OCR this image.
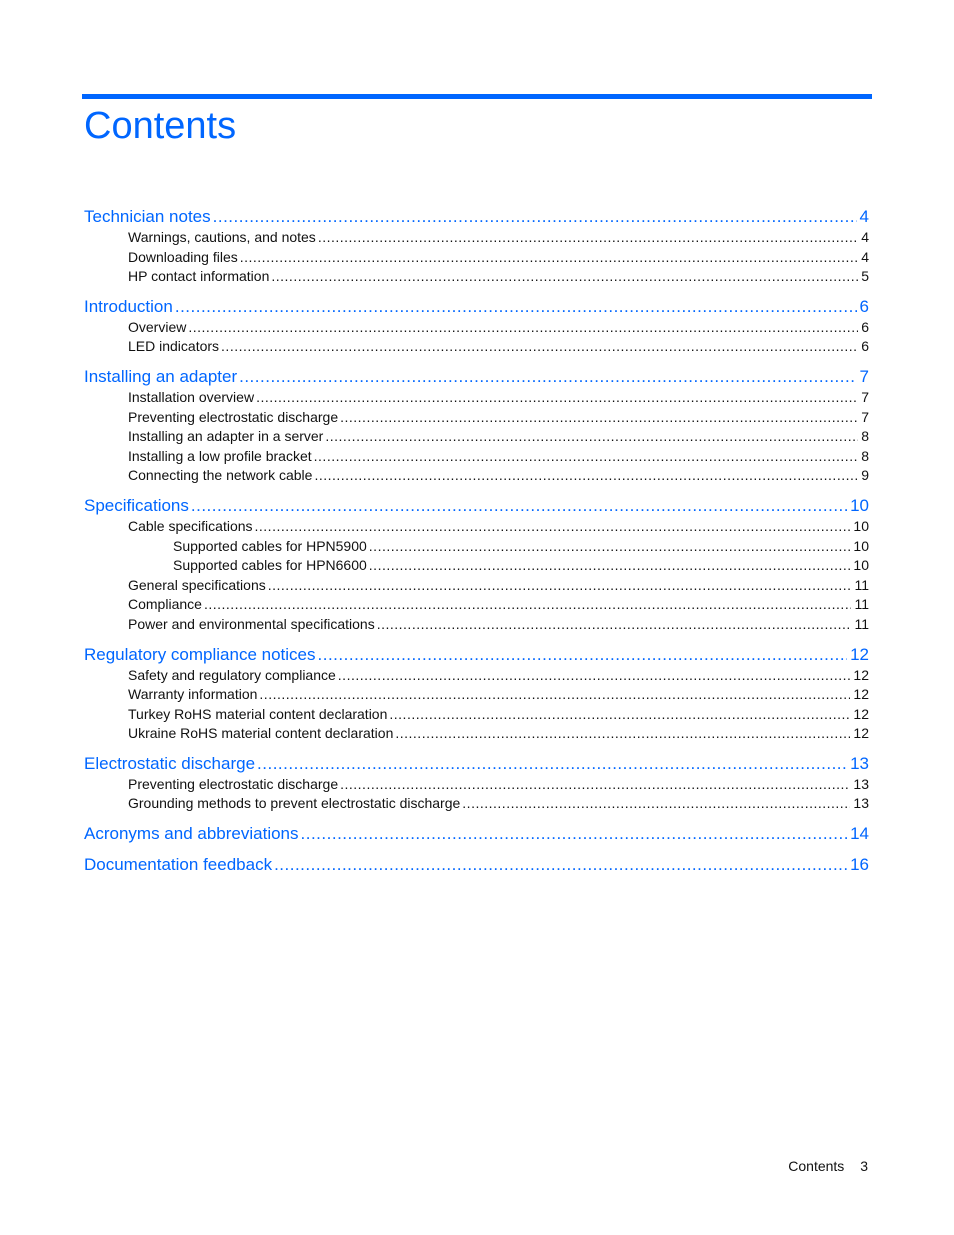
Contents
Technician notes .....	4
Warnings, cautions, and notes .....	4
Downloading files .....	4
HP contact information .....	5
Introduction .....	6
Overview .....	6
LED indicators .....	6
Installing an adapter .....	7
Installation overview .....	7
Preventing electrostatic discharge .....	7
Installing an adapter in a server .....	8
Installing a low profile bracket .....	8
Connecting the network cable .....	9
Specifications .....	10
Cable specifications .....	10
Supported cables for HPN5900 .....	10
Supported cables for HPN6600 .....	10
General specifications .....	11
Compliance .....	11
Power and environmental specifications .....	11
Regulatory compliance notices .....	12
Safety and regulatory compliance .....	12
Warranty information .....	12
Turkey RoHS material content declaration .....	12
Ukraine RoHS material content declaration .....	12
Electrostatic discharge .....	13
Preventing electrostatic discharge .....	13
Grounding methods to prevent electrostatic discharge .....	13
Acronyms and abbreviations .....	14
Documentation feedback .....	16
Contents 3
